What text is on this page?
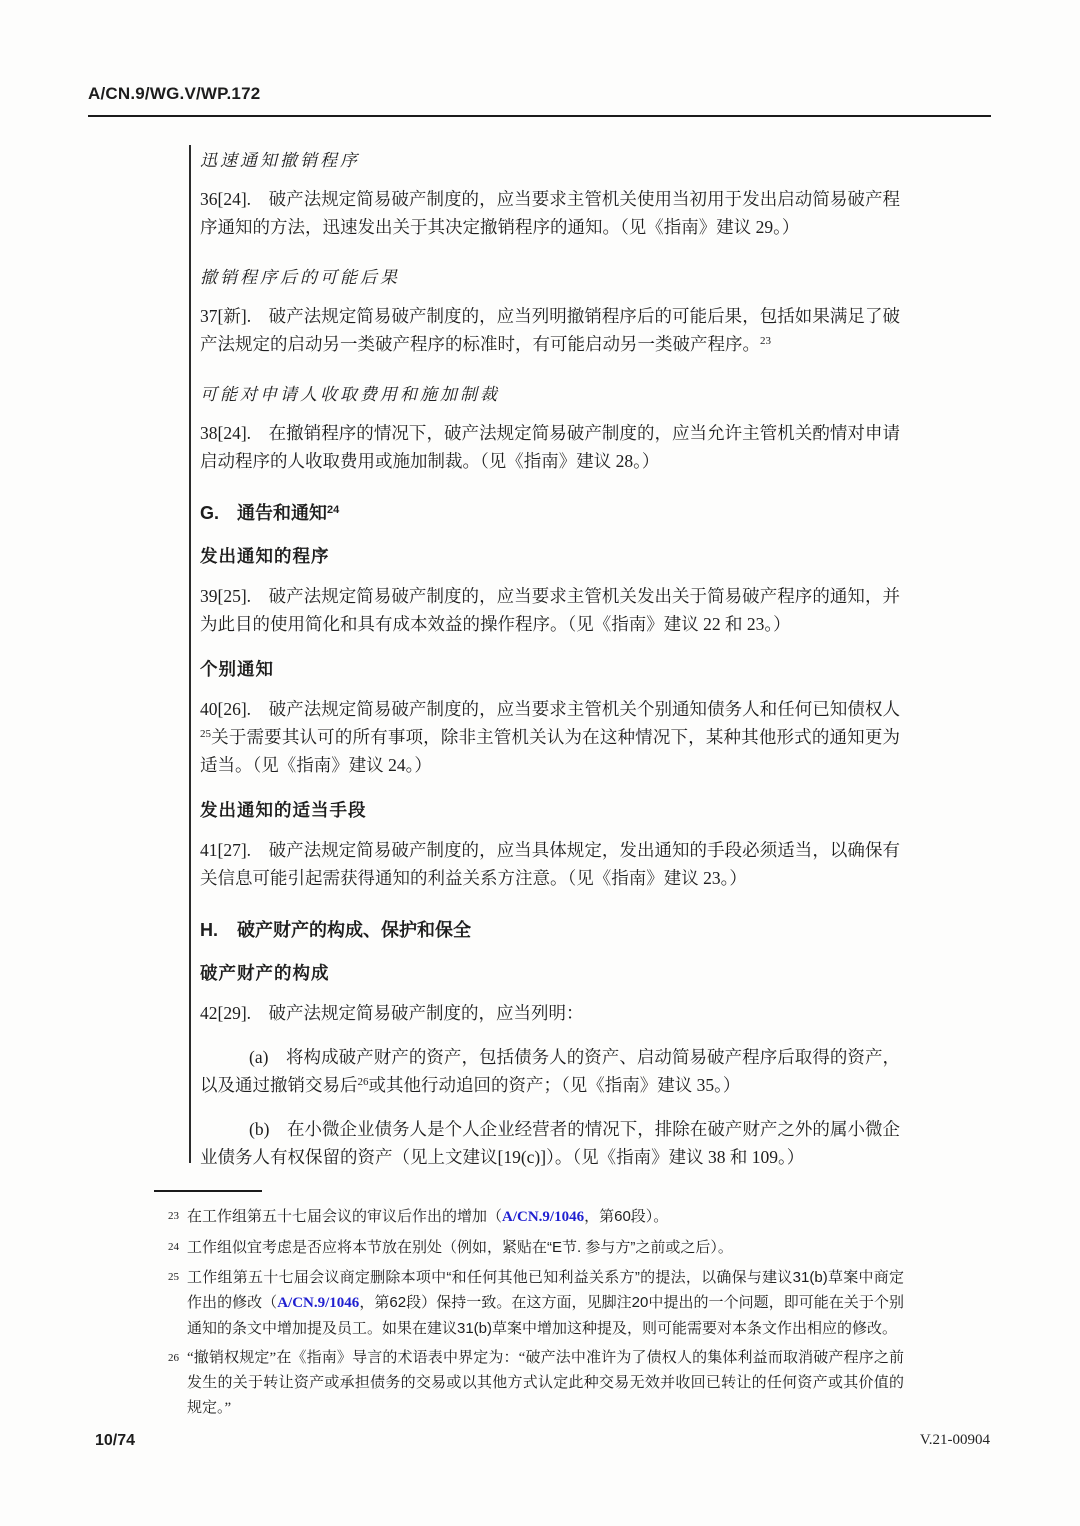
A/CN.9/WG.V/WP.172
迅速通知撤销程序

36[24].　破产法规定简易破产制度的，应当要求主管机关使用当初用于发出启动简易破产程序通知的方法，迅速发出关于其决定撤销程序的通知。（见《指南》建议 29。）

撤销程序后的可能后果

37[新].　破产法规定简易破产制度的，应当列明撤销程序后的可能后果，包括如果满足了破产法规定的启动另一类破产程序的标准时，有可能启动另一类破产程序。$^{23}$

可能对申请人收取费用和施加制裁

38[24].　在撤销程序的情况下，破产法规定简易破产制度的，应当允许主管机关酌情对申请启动程序的人收取费用或施加制裁。（见《指南》建议 28。）

G. 通告和通知$^{24}$
发出通知的程序

39[25].　破产法规定简易破产制度的，应当要求主管机关发出关于简易破产程序的通知，并为此目的使用简化和具有成本效益的操作程序。（见《指南》建议 22 和 23。）

个别通知

40[26].　破产法规定简易破产制度的，应当要求主管机关个别通知债务人和任何已知债权人$^{25}$关于需要其认可的所有事项，除非主管机关认为在这种情况下，某种其他形式的通知更为适当。（见《指南》建议 24。）

发出通知的适当手段

41[27].　破产法规定简易破产制度的，应当具体规定，发出通知的手段必须适当，以确保有关信息可能引起需获得通知的利益关系方注意。（见《指南》建议 23。）

H.	破产财产的构成、保护和保全
破产财产的构成

42[29].　破产法规定简易破产制度的，应当列明：

(a)　将构成破产财产的资产，包括债务人的资产、启动简易破产程序后取得的资产，以及通过撤销交易后$^{26}$或其他行动追回的资产；（见《指南》建议 35。）

(b)　在小微企业债务人是个人企业经营者的情况下，排除在破产财产之外的属小微企业债务人有权保留的资产（见上文建议[19(c)]）。（见《指南》建议 38 和 109。）

23 在工作组第五十七届会议的审议后作出的增加（A/CN.9/1046，第60段）。
24 工作组似宜考虑是否应将本节放在别处（例如，紧贴在“E节. 参与方”之前或之后）。
25 工作组第五十七届会议商定删除本项中“和任何其他已知利益关系方”的提法，以确保与建议31(b)草案中商定作出的修改（A/CN.9/1046，第62段）保持一致。在这方面，见脚注20中提出的一个问题，即可能在关于个别通知的条文中增加提及员工。如果在建议31(b)草案中增加这种提及，则可能需要对本条文作出相应的修改。
26 “撤销权规定”在《指南》导言的术语表中界定为：“破产法中准许为了债权人的集体利益而取消破产程序之前发生的关于转让资产或承担债务的交易或以其他方式认定此种交易无效并收回已转让的任何资产或其价值的规定。”
10/74	V.21-00904
